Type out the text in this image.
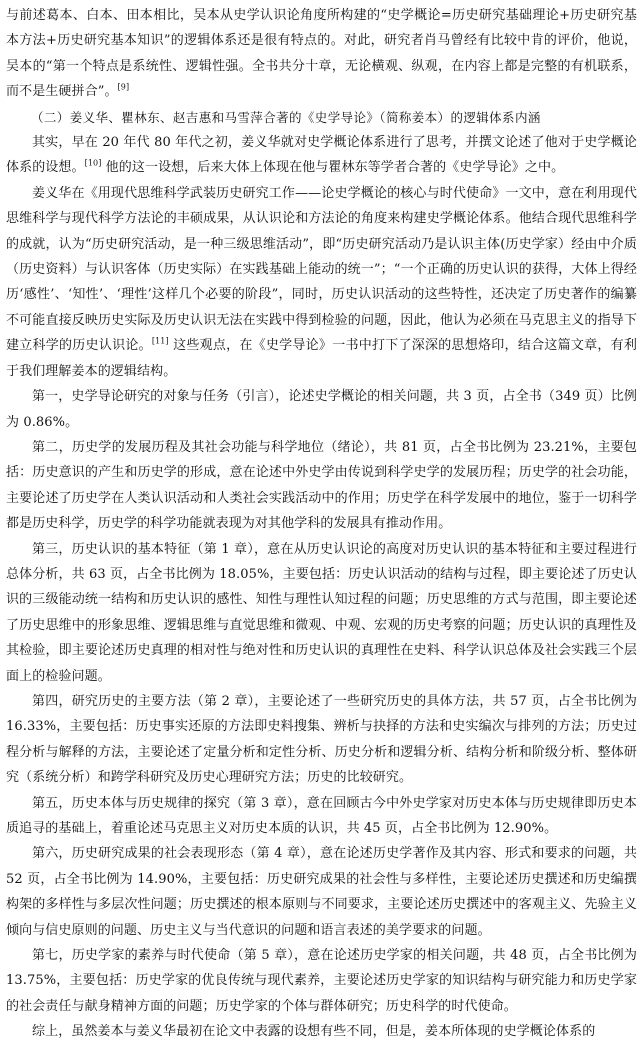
与前述葛本、白本、田本相比，吴本从史学认识论角度所构建的“史学概论=历史研究基础理论+历史研究基本方法+历史研究基本知识”的逻辑体系还是很有特点的。对此，研究者肖马曾经有比较中肯的评价，他说，吴本的“第一个特点是系统性、逻辑性强。全书共分十章，无论横观、纵观，在内容上都是完整的有机联系，而不是生硬拼合”。[9]

（二）姜义华、瞿林东、赵吉惠和马雪萍合著的《史学导论》（简称姜本）的逻辑体系内涵

其实，早在 20 年代 80 年代之初，姜义华就对史学概论体系进行了思考，并撰文论述了他对于史学概论体系的设想。[10] 他的这一设想，后来大体上体现在他与瞿林东等学者合著的《史学导论》之中。

姜义华在《用现代思维科学武装历史研究工作——论史学概论的核心与时代使命》一文中，意在利用现代思维科学与现代科学方法论的丰硕成果，从认识论和方法论的角度来构建史学概论体系。他结合现代思维科学的成就，认为“历史研究活动，是一种三级思维活动”，即“历史研究活动乃是认识主体(历史学家）经由中介质（历史资料）与认识客体（历史实际）在实践基础上能动的统一”；“一个正确的历史认识的获得，大体上得经历‘感性’、‘知性’、‘理性’这样几个必要的阶段”，同时，历史认识活动的这些特性，还决定了历史著作的编纂不可能直接反映历史实际及历史认识无法在实践中得到检验的问题，因此，他认为必须在马克思主义的指导下建立科学的历史认识论。[11] 这些观点，在《史学导论》一书中打下了深深的思想烙印，结合这篇文章，有利于我们理解姜本的逻辑结构。

第一，史学导论研究的对象与任务（引言），论述史学概论的相关问题，共 3 页，占全书（349 页）比例为 0.86%。

第二，历史学的发展历程及其社会功能与科学地位（绪论），共 81 页，占全书比例为 23.21%，主要包括：历史意识的产生和历史学的形成，意在论述中外史学由传说到科学史学的发展历程；历史学的社会功能，主要论述了历史学在人类认识活动和人类社会实践活动中的作用；历史学在科学发展中的地位，鉴于一切科学都是历史科学，历史学的科学功能就表现为对其他学科的发展具有推动作用。

第三，历史认识的基本特征（第 1 章），意在从历史认识论的高度对历史认识的基本特征和主要过程进行总体分析，共 63 页，占全书比例为 18.05%，主要包括：历史认识活动的结构与过程，即主要论述了历史认识的三级能动统一结构和历史认识的感性、知性与理性认知过程的问题；历史思维的方式与范围，即主要论述了历史思维中的形象思维、逻辑思维与直觉思维和微观、中观、宏观的历史考察的问题；历史认识的真理性及其检验，即主要论述历史真理的相对性与绝对性和历史认识的真理性在史料、科学认识总体及社会实践三个层面上的检验问题。

第四，研究历史的主要方法（第 2 章），主要论述了一些研究历史的具体方法，共 57 页，占全书比例为 16.33%，主要包括：历史事实还原的方法即史料搜集、辨析与抉择的方法和史实编次与排列的方法；历史过程分析与解释的方法，主要论述了定量分析和定性分析、历史分析和逻辑分析、结构分析和阶级分析、整体研究（系统分析）和跨学科研究及历史心理研究方法；历史的比较研究。

第五，历史本体与历史规律的探究（第 3 章），意在回顾古今中外史学家对历史本体与历史规律即历史本质追寻的基础上，着重论述马克思主义对历史本质的认识，共 45 页，占全书比例为 12.90%。

第六，历史研究成果的社会表现形态（第 4 章），意在论述历史学著作及其内容、形式和要求的问题，共 52 页，占全书比例为 14.90%，主要包括：历史研究成果的社会性与多样性，主要论述历史撰述和历史编撰构架的多样性与多层次性问题；历史撰述的根本原则与不同要求，主要论述历史撰述中的客观主义、先验主义倾向与信史原则的问题、历史主义与当代意识的问题和语言表述的美学要求的问题。

第七，历史学家的素养与时代使命（第 5 章），意在论述历史学家的相关问题，共 48 页，占全书比例为 13.75%，主要包括：历史学家的优良传统与现代素养，主要论述历史学家的知识结构与研究能力和历史学家的社会责任与献身精神方面的问题；历史学家的个体与群体研究；历史科学的时代使命。

综上，虽然姜本与姜义华最初在论文中表露的设想有些不同，但是，姜本所体现的史学概论体系的
